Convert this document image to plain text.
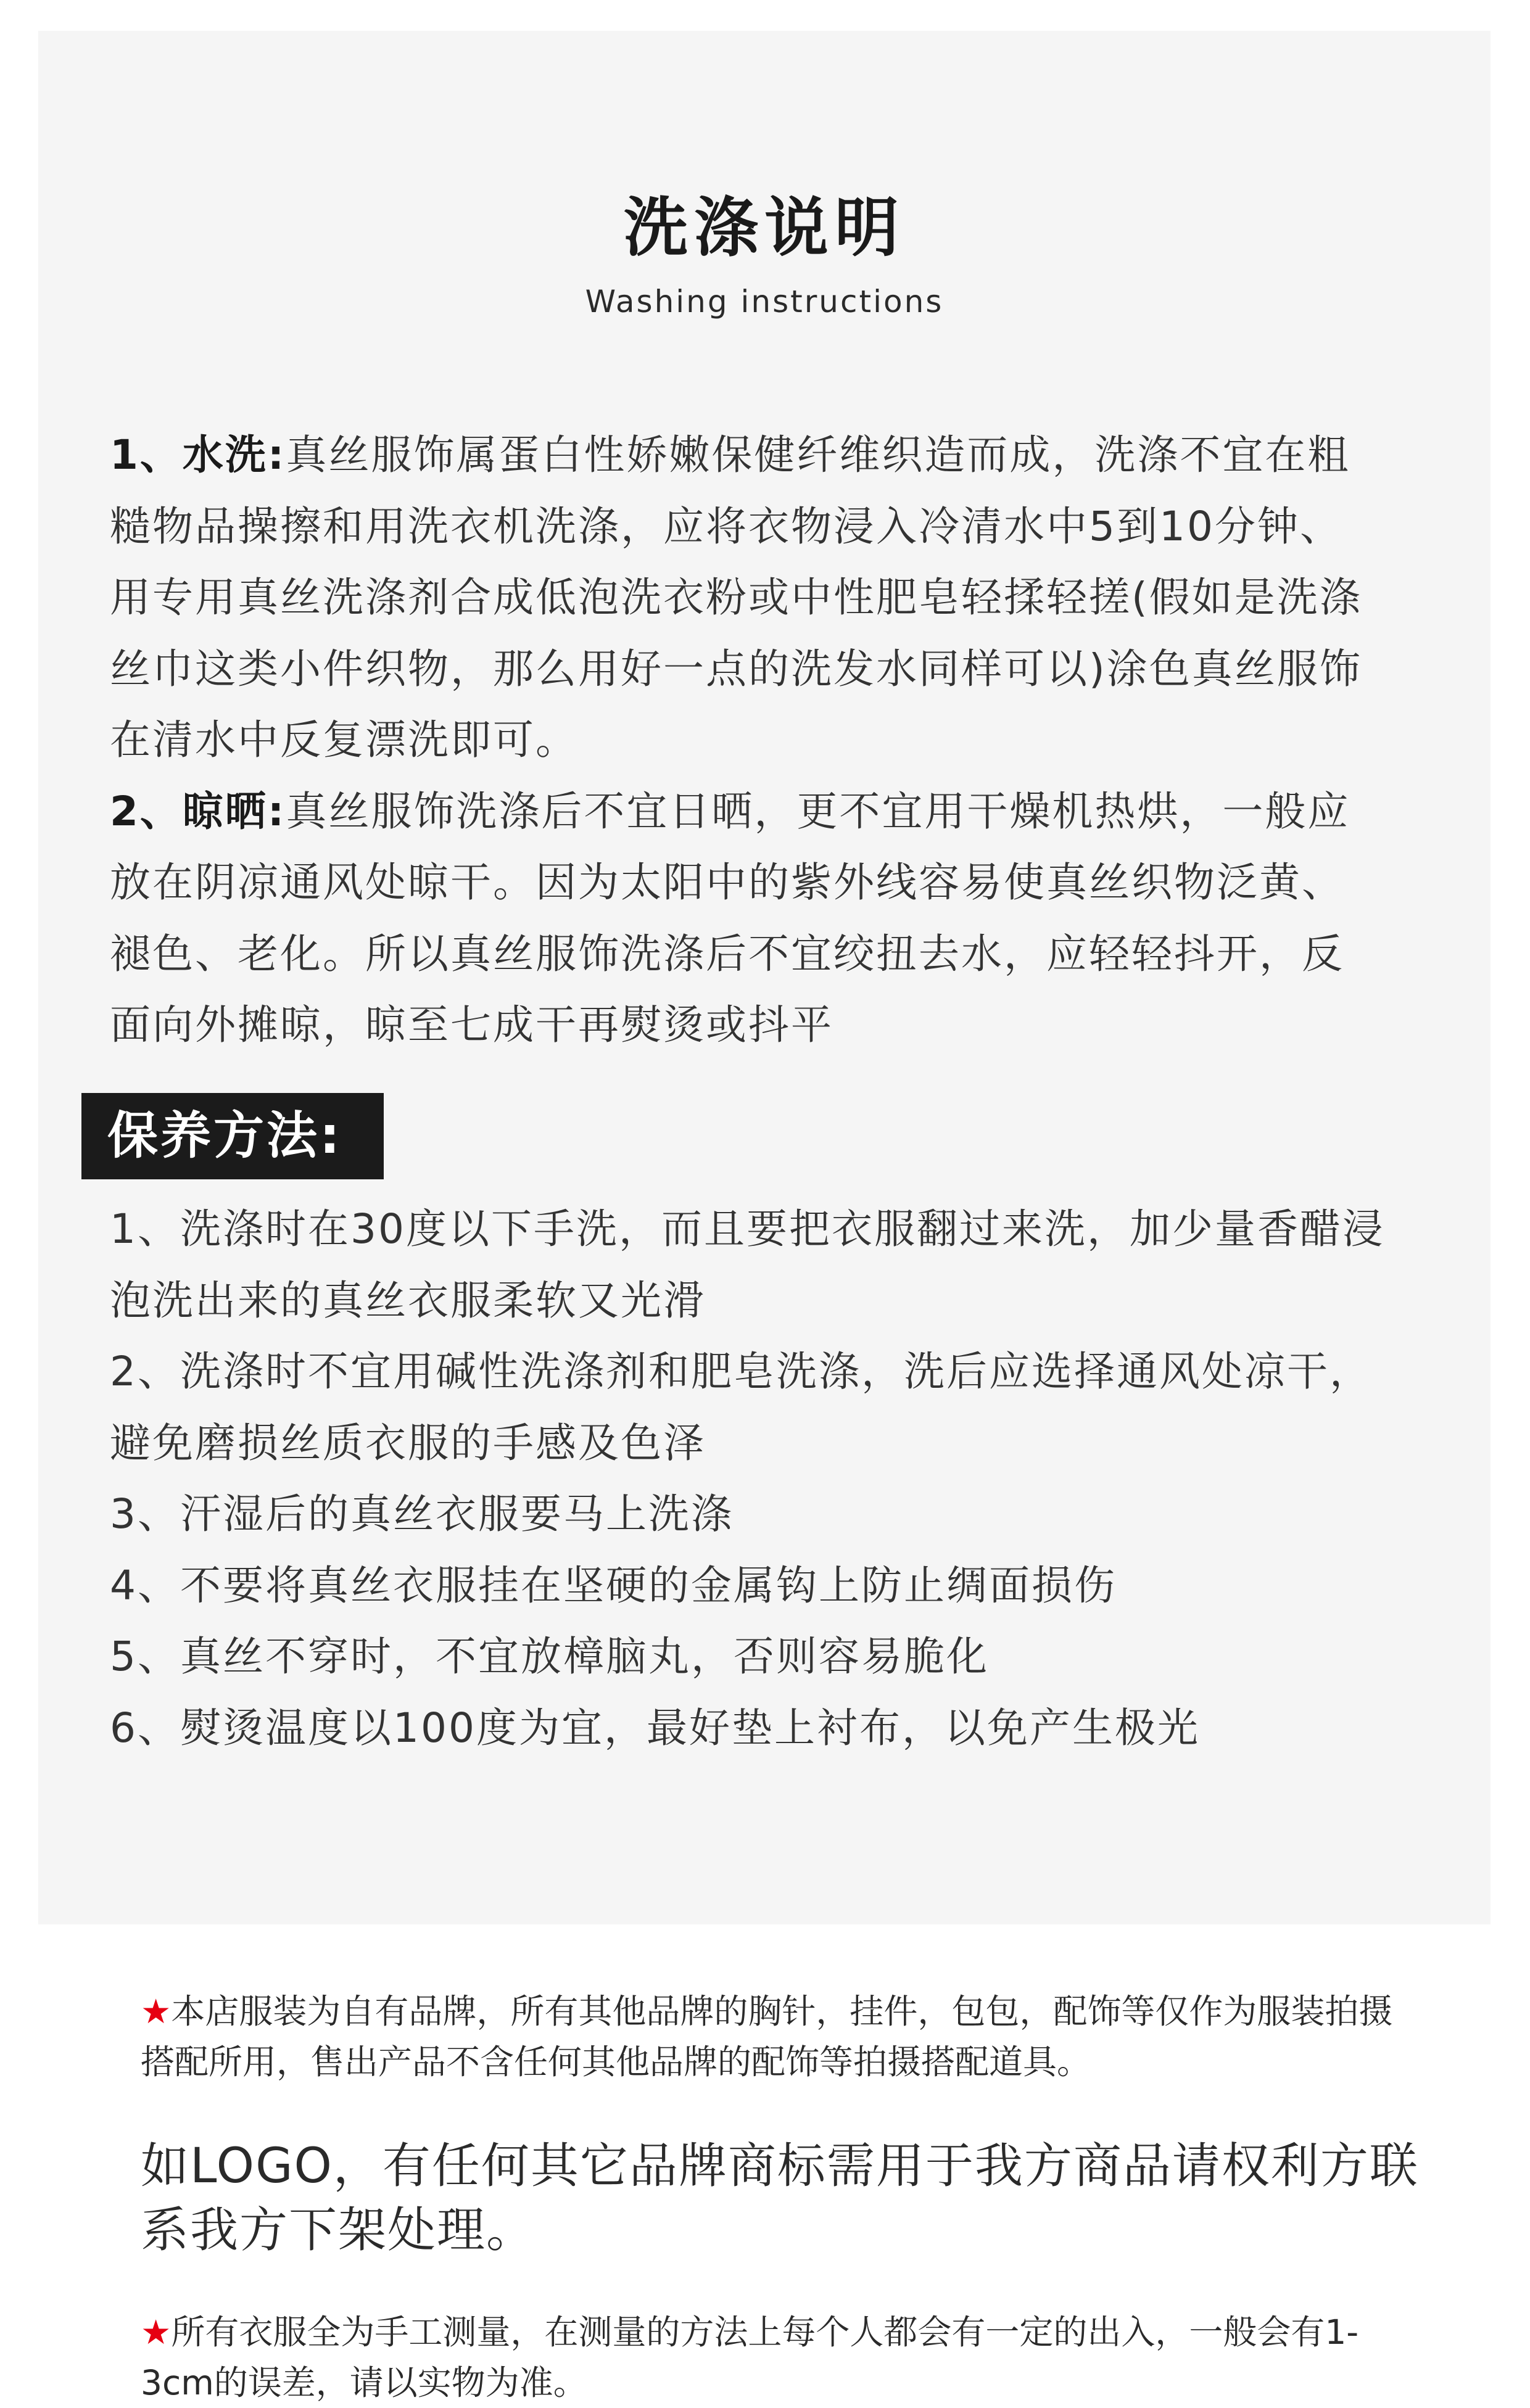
洗涤说明
Washing instructions

1、水洗:真丝服饰属蛋白性娇嫩保健纤维织造而成，洗涤不宜在粗糙物品操擦和用洗衣机洗涤，应将衣物浸入冷清水中5到10分钟、用专用真丝洗涤剂合成低泡洗衣粉或中性肥皂轻揉轻搓(假如是洗涤丝巾这类小件织物，那么用好一点的洗发水同样可以)涂色真丝服饰在清水中反复漂洗即可。

2、晾晒:真丝服饰洗涤后不宜日晒，更不宜用干燥机热烘，一般应放在阴凉通风处晾干。因为太阳中的紫外线容易使真丝织物泛黄、褪色、老化。所以真丝服饰洗涤后不宜绞扭去水，应轻轻抖开，反面向外摊晾，晾至七成干再熨烫或抖平

保养方法:

1、洗涤时在30度以下手洗，而且要把衣服翻过来洗，加少量香醋浸泡洗出来的真丝衣服柔软又光滑

2、洗涤时不宜用碱性洗涤剂和肥皂洗涤，洗后应选择通风处凉干，避免磨损丝质衣服的手感及色泽

3、汗湿后的真丝衣服要马上洗涤

4、不要将真丝衣服挂在坚硬的金属钩上防止绸面损伤

5、真丝不穿时，不宜放樟脑丸，否则容易脆化

6、熨烫温度以100度为宜，最好垫上衬布，以免产生极光

★本店服装为自有品牌，所有其他品牌的胸针，挂件，包包，配饰等仅作为服装拍摄搭配所用，售出产品不含任何其他品牌的配饰等拍摄搭配道具。
如LOGO，有任何其它品牌商标需用于我方商品请权利方联系我方下架处理。
★所有衣服全为手工测量，在测量的方法上每个人都会有一定的出入，一般会有1-3cm的误差，请以实物为准。
